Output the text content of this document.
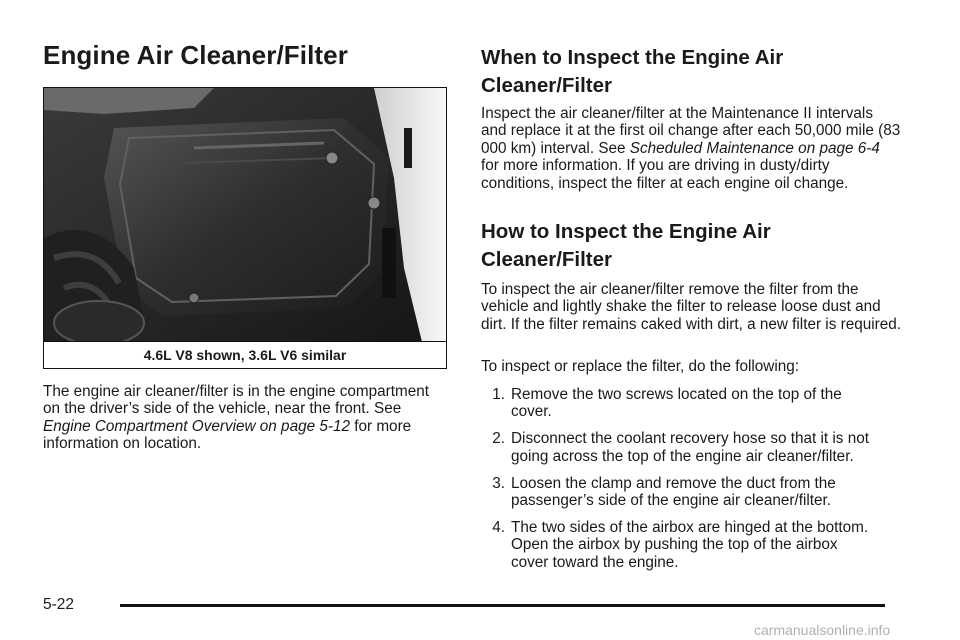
Engine Air Cleaner/Filter
4.6L V8 shown, 3.6L V6 similar

The engine air cleaner/filter is in the engine compartment on the driver’s side of the vehicle, near the front. See Engine Compartment Overview on page 5-12 for more information on location.

When to Inspect the Engine Air Cleaner/Filter

Inspect the air cleaner/filter at the Maintenance II intervals and replace it at the first oil change after each 50,000 mile (83 000 km) interval. See Scheduled Maintenance on page 6-4 for more information. If you are driving in dusty/dirty conditions, inspect the filter at each engine oil change.

How to Inspect the Engine Air Cleaner/Filter

To inspect the air cleaner/filter remove the filter from the vehicle and lightly shake the filter to release loose dust and dirt. If the filter remains caked with dirt, a new filter is required.

To inspect or replace the filter, do the following:

1. Remove the two screws located on the top of the cover.
2. Disconnect the coolant recovery hose so that it is not going across the top of the engine air cleaner/filter.
3. Loosen the clamp and remove the duct from the passenger’s side of the engine air cleaner/filter.
4. The two sides of the airbox are hinged at the bottom. Open the airbox by pushing the top of the airbox cover toward the engine.
5-22
carmanualsonline.info
